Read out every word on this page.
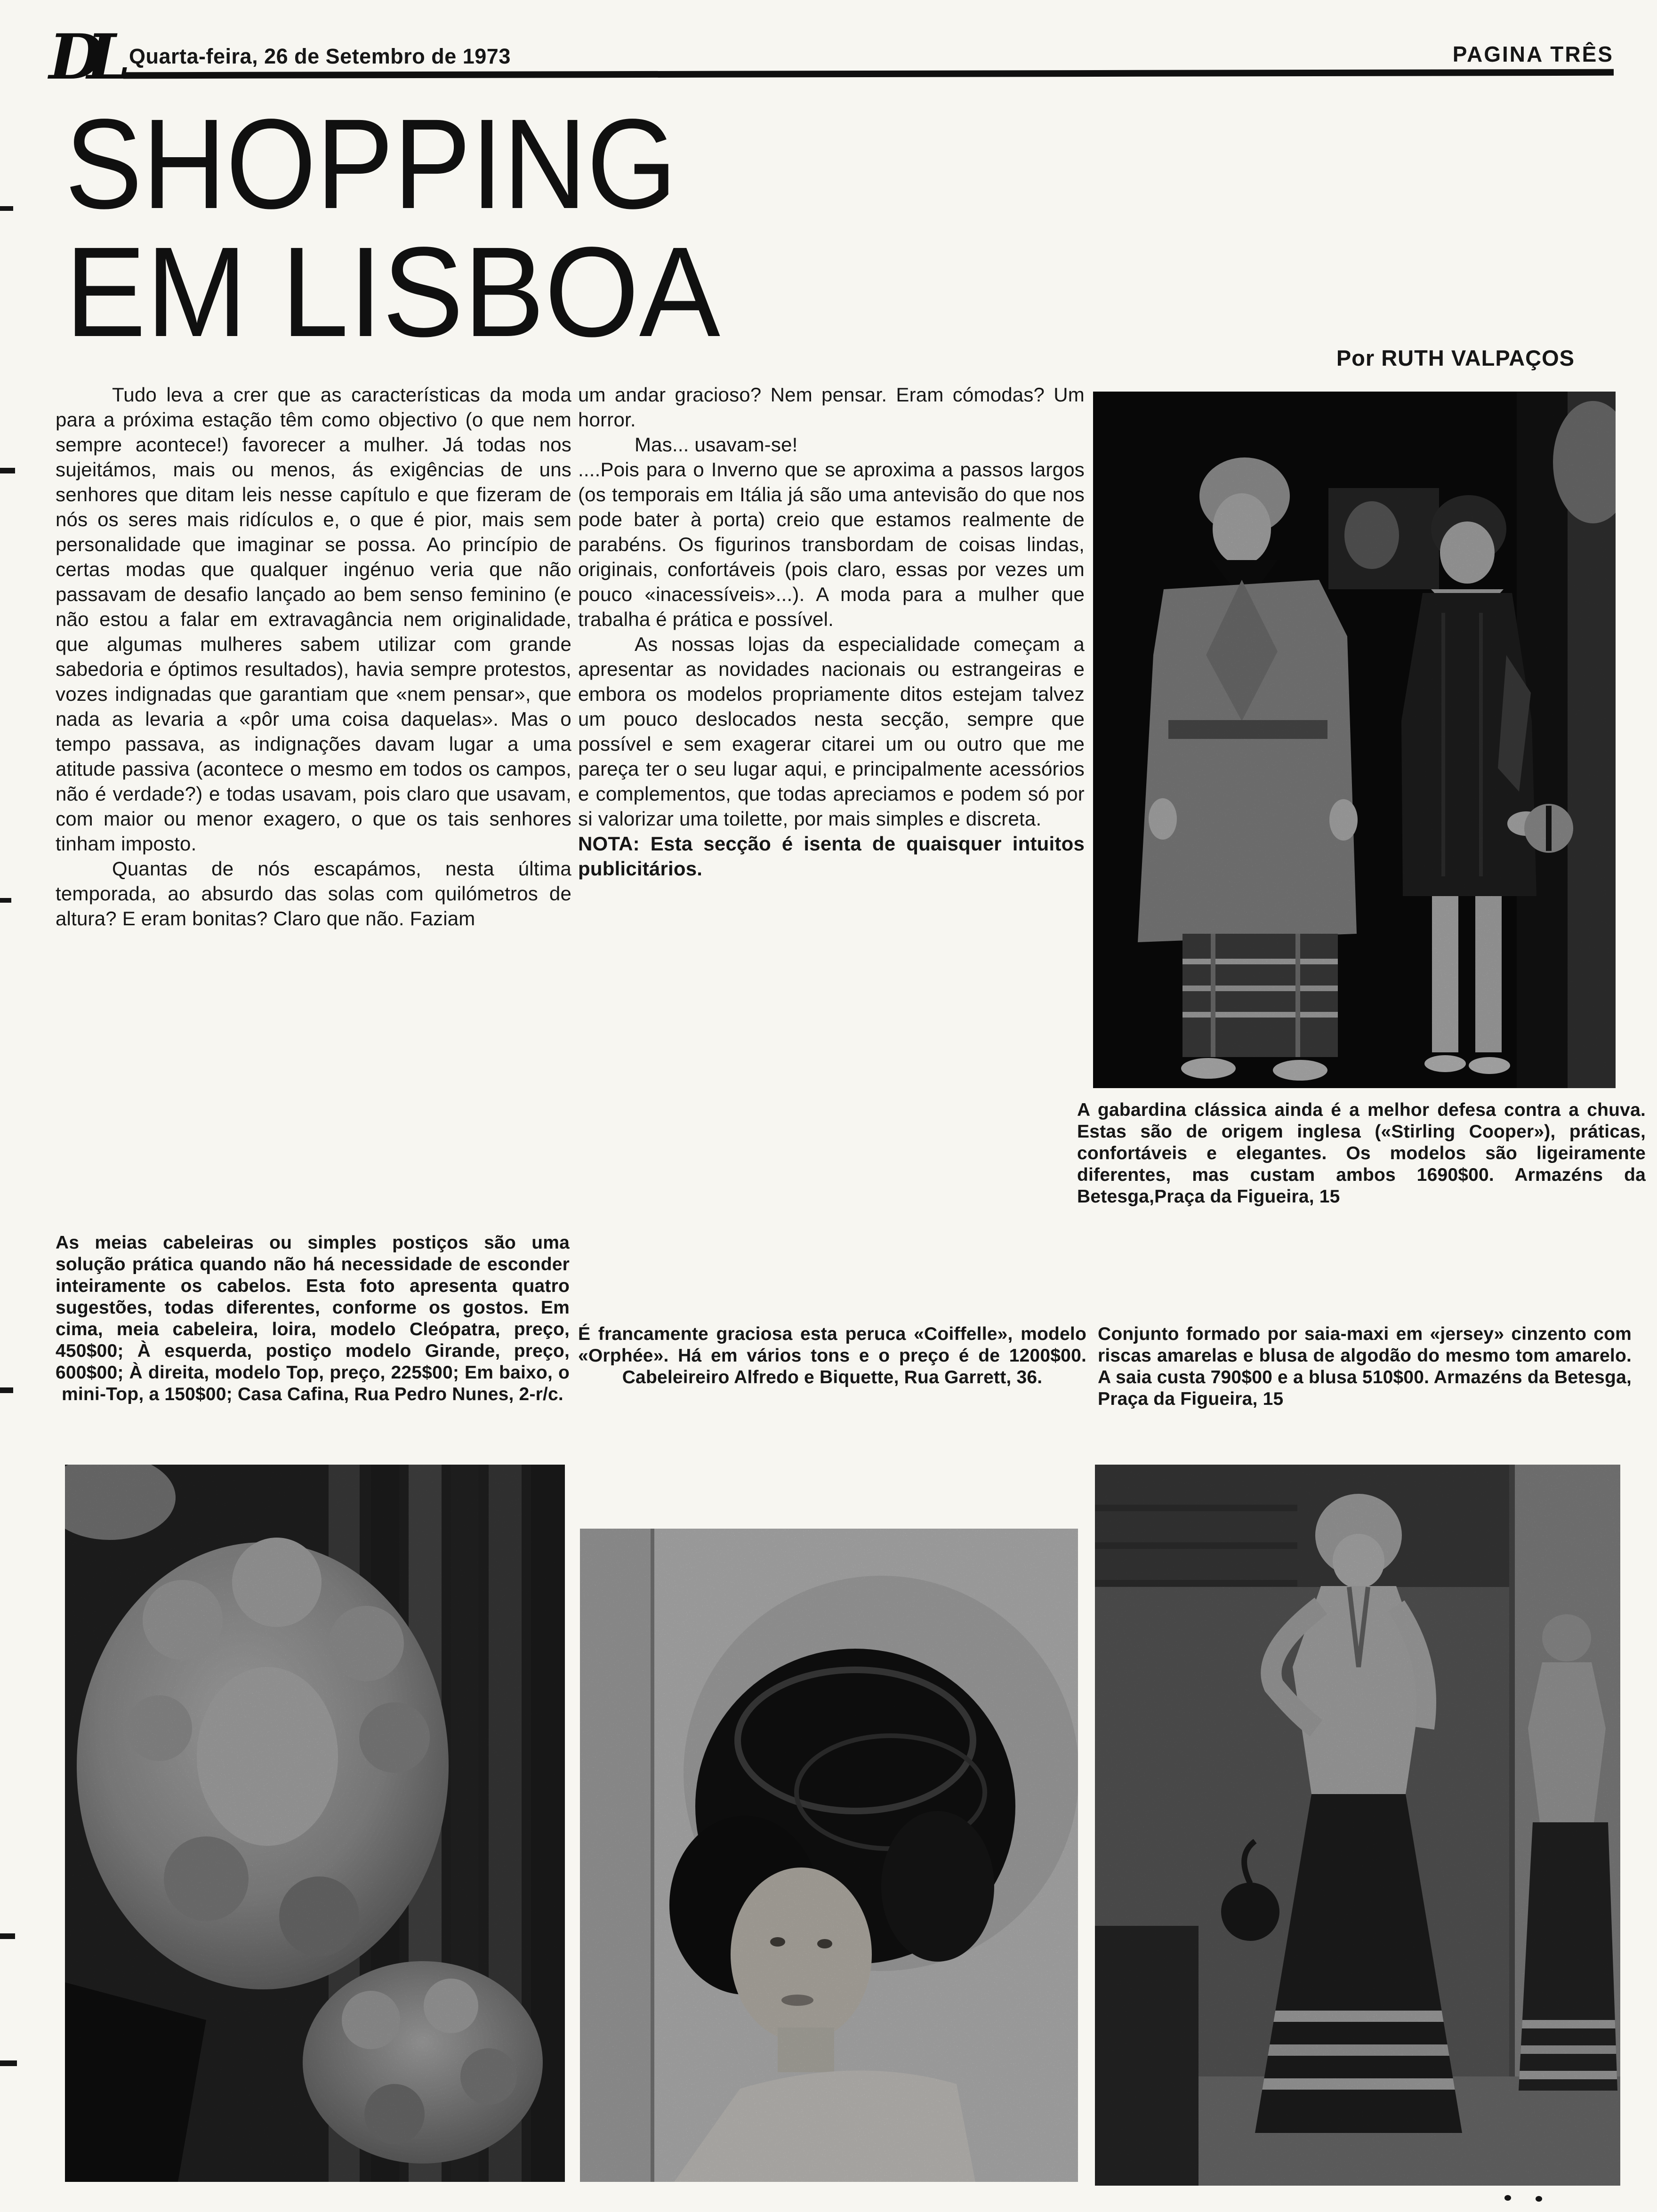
DL Quarta-feira, 26 de Setembro de 1973	PAGINA TRÊS
SHOPPING
EM LISBOA	Por RUTH VALPAÇOS

Tudo leva a crer que as características da moda para a próxima estação têm como objectivo (o que nem sempre acontece!) favorecer a mulher. Já todas nos sujeitámos, mais ou menos, ás exigências de uns senhores que ditam leis nesse capítulo e que fizeram de nós os seres mais ridículos e, o que é pior, mais sem personalidade que imaginar se possa. Ao princípio de certas modas que qualquer ingénuo veria que não passavam de desafio lançado ao bem senso feminino (e não estou a falar em extravagância nem originalidade, que algumas mulheres sabem utilizar com grande sabedoria e óptimos resultados), havia sempre protestos, vozes indignadas que garantiam que «nem pensar», que nada as levaria a «pôr uma coisa daquelas». Mas o tempo passava, as indignações davam lugar a uma atitude passiva (acontece o mesmo em todos os campos, não é verdade?) e todas usavam, pois claro que usavam, com maior ou menor exagero, o que os tais senhores tinham imposto.

Quantas de nós escapámos, nesta última temporada, ao absurdo das solas com quilómetros de altura? E eram bonitas? Claro que não. Faziam

um andar gracioso? Nem pensar. Eram cómodas? Um horror.

Mas... usavam-se!

....Pois para o Inverno que se aproxima a passos largos (os temporais em Itália já são uma antevisão do que nos pode bater à porta) creio que estamos realmente de parabéns. Os figurinos transbordam de coisas lindas, originais, confortáveis (pois claro, essas por vezes um pouco «inacessíveis»...). A moda para a mulher que trabalha é prática e possível.

As nossas lojas da especialidade começam a apresentar as novidades nacionais ou estrangeiras e embora os modelos propriamente ditos estejam talvez um pouco deslocados nesta secção, sempre que possível e sem exagerar citarei um ou outro que me pareça ter o seu lugar aqui, e principalmente acessórios e complementos, que todas apreciamos e podem só por si valorizar uma toilette, por mais simples e discreta.

NOTA: Esta secção é isenta de quaisquer intuitos publicitários.

A gabardina clássica ainda é a melhor defesa contra a chuva. Estas são de origem inglesa («Stirling Cooper»), práticas, confortáveis e elegantes. Os modelos são ligeiramente diferentes, mas custam ambos 1690$00. Armazéns da Betesga,Praça da Figueira, 15
As meias cabeleiras ou simples postiços são uma solução prática quando não há necessidade de esconder inteiramente os cabelos. Esta foto apresenta quatro sugestões, todas diferentes, conforme os gostos. Em cima, meia cabeleira, loira, modelo Cleópatra, preço, 450$00; À esquerda, postiço modelo Girande, preço, 600$00; À direita, modelo Top, preço, 225$00; Em baixo, o mini-Top, a 150$00; Casa Cafina, Rua Pedro Nunes, 2-r/c.
É francamente graciosa esta peruca «Coiffelle», modelo «Orphée». Há em vários tons e o preço é de 1200$00. Cabeleireiro Alfredo e Biquette, Rua Garrett, 36.
Conjunto formado por saia-maxi em «jersey» cinzento com riscas amarelas e blusa de algodão do mesmo tom amarelo. A saia custa 790$00 e a blusa 510$00. Armazéns da Betesga, Praça da Figueira, 15
